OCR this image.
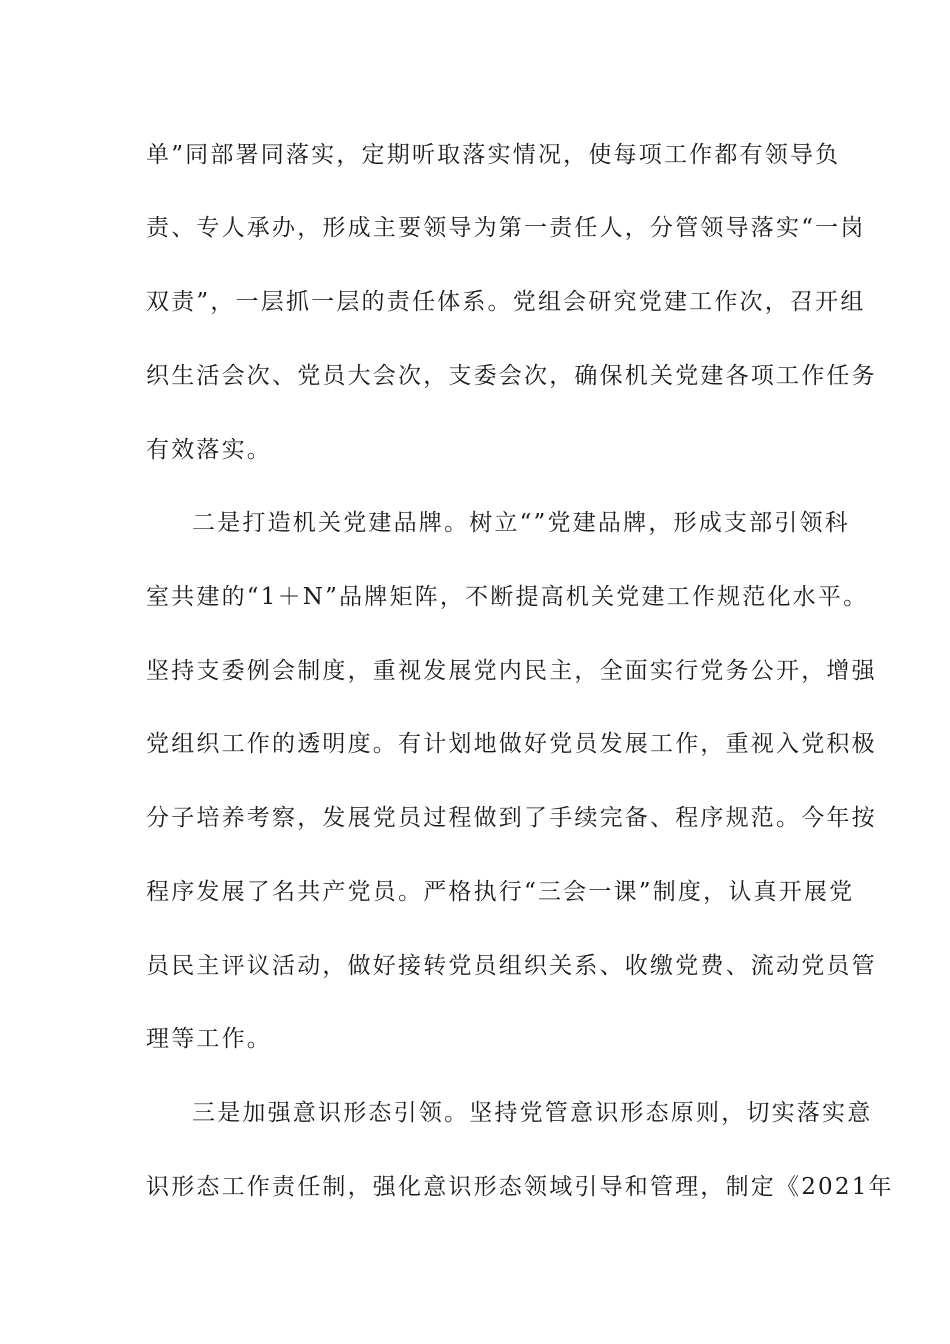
单”同部署同落实，定期听取落实情况，使每项工作都有领导负
责、专人承办，形成主要领导为第一责任人，分管领导落实“一岗
双责”，一层抓一层的责任体系。党组会研究党建工作次，召开组
织生活会次、党员大会次，支委会次，确保机关党建各项工作任务
有效落实。
二是打造机关党建品牌。树立“”党建品牌，形成支部引领科
室共建的“1＋N”品牌矩阵，不断提高机关党建工作规范化水平。
坚持支委例会制度，重视发展党内民主，全面实行党务公开，增强
党组织工作的透明度。有计划地做好党员发展工作，重视入党积极
分子培养考察，发展党员过程做到了手续完备、程序规范。今年按
程序发展了名共产党员。严格执行“三会一课”制度，认真开展党
员民主评议活动，做好接转党员组织关系、收缴党费、流动党员管
理等工作。
三是加强意识形态引领。坚持党管意识形态原则，切实落实意
识形态工作责任制，强化意识形态领域引导和管理，制定《2021年
